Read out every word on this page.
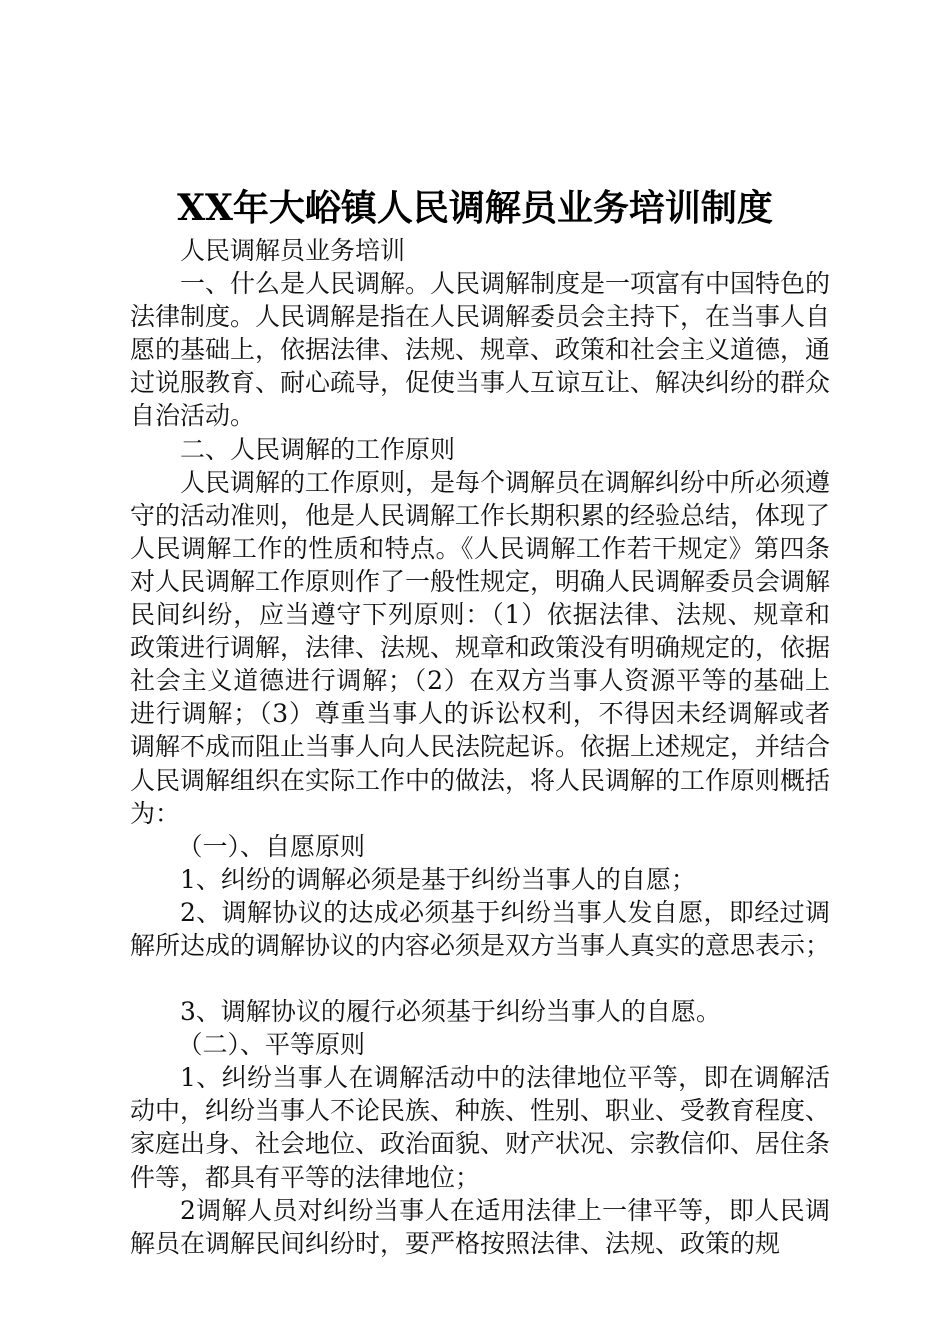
XX年大峪镇人民调解员业务培训制度

人民调解员业务培训

一、什么是人民调解。人民调解制度是一项富有中国特色的法律制度。人民调解是指在人民调解委员会主持下，在当事人自愿的基础上，依据法律、法规、规章、政策和社会主义道德，通过说服教育、耐心疏导，促使当事人互谅互让、解决纠纷的群众自治活动。

二、人民调解的工作原则

人民调解的工作原则，是每个调解员在调解纠纷中所必须遵守的活动准则，他是人民调解工作长期积累的经验总结，体现了人民调解工作的性质和特点。《人民调解工作若干规定》第四条对人民调解工作原则作了一般性规定，明确人民调解委员会调解民间纠纷，应当遵守下列原则：（1）依据法律、法规、规章和政策进行调解，法律、法规、规章和政策没有明确规定的，依据社会主义道德进行调解；（2）在双方当事人资源平等的基础上进行调解；（3）尊重当事人的诉讼权利，不得因未经调解或者调解不成而阻止当事人向人民法院起诉。依据上述规定，并结合人民调解组织在实际工作中的做法，将人民调解的工作原则概括为：

（一）、自愿原则

1、纠纷的调解必须是基于纠纷当事人的自愿；

2、调解协议的达成必须基于纠纷当事人发自愿，即经过调解所达成的调解协议的内容必须是双方当事人真实的意思表示；

3、调解协议的履行必须基于纠纷当事人的自愿。

（二）、平等原则

1、纠纷当事人在调解活动中的法律地位平等，即在调解活动中，纠纷当事人不论民族、种族、性别、职业、受教育程度、家庭出身、社会地位、政治面貌、财产状况、宗教信仰、居住条件等，都具有平等的法律地位；

2调解人员对纠纷当事人在适用法律上一律平等，即人民调解员在调解民间纠纷时，要严格按照法律、法规、政策的规
